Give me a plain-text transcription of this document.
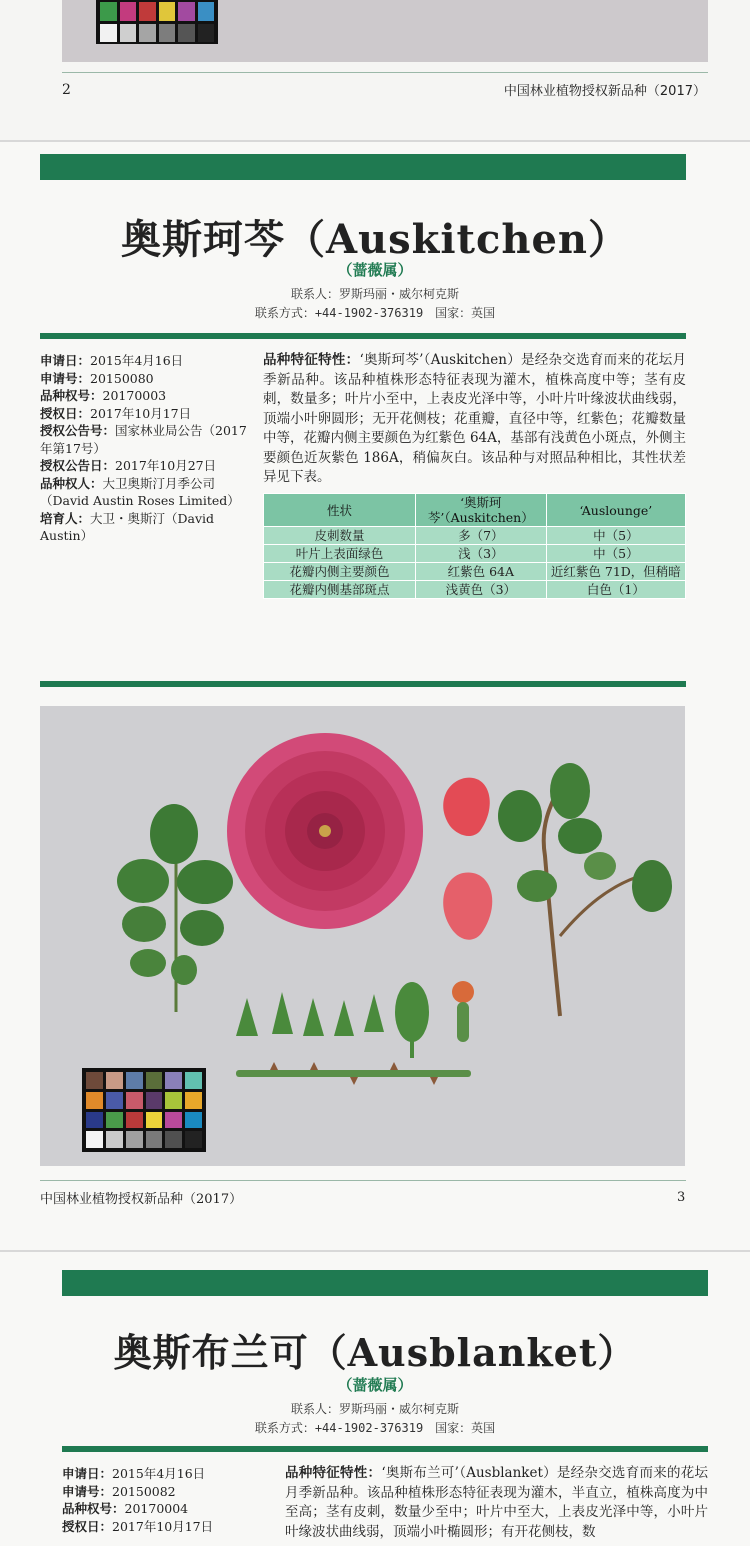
2	中国林业植物授权新品种（2017）
奥斯珂芩（Auskitchen）
（蔷薇属）
联系人：罗斯玛丽・威尔柯克斯
联系方式：+44-1902-376319　国家：英国
申请日：2015年4月16日
申请号：20150080
品种权号：20170003
授权日：2017年10月17日
授权公告号：国家林业局公告（2017年第17号）
授权公告日：2017年10月27日
品种权人：大卫奥斯汀月季公司（David Austin Roses Limited）
培育人：大卫・奥斯汀（David Austin）
品种特征特性：‘奥斯珂芩’（Auskitchen）是经杂交选育而来的花坛月季新品种。该品种植株形态特征表现为灌木，植株高度中等；茎有皮刺，数量多；叶片小至中，上表皮光泽中等，小叶片叶缘波状曲线弱，顶端小叶卵圆形；无开花侧枝；花重瓣，直径中等，红紫色；花瓣数量中等，花瓣内侧主要颜色为红紫色 64A，基部有浅黄色小斑点，外侧主要颜色近灰紫色 186A，稍偏灰白。该品种与对照品种相比，其性状差异见下表。
性状	‘奥斯珂芩’（Auskitchen）	‘Auslounge’
皮刺数量	多（7）	中（5）
叶片上表面绿色	浅（3）	中（5）
花瓣内侧主要颜色	红紫色 64A	近红紫色 71D，但稍暗
花瓣内侧基部斑点	浅黄色（3）	白色（1）
中国林业植物授权新品种（2017）	3
奥斯布兰可（Ausblanket）
（蔷薇属）
联系人：罗斯玛丽・威尔柯克斯
联系方式：+44-1902-376319　国家：英国
申请日：2015年4月16日
申请号：20150082
品种权号：20170004
授权日：2017年10月17日
品种特征特性：‘奥斯布兰可’（Ausblanket）是经杂交选育而来的花坛月季新品种。该品种植株形态特征表现为灌木，半直立，植株高度为中至高；茎有皮刺，数量少至中；叶片中至大，上表皮光泽中等，小叶片叶缘波状曲线弱，顶端小叶椭圆形；有开花侧枝，数
